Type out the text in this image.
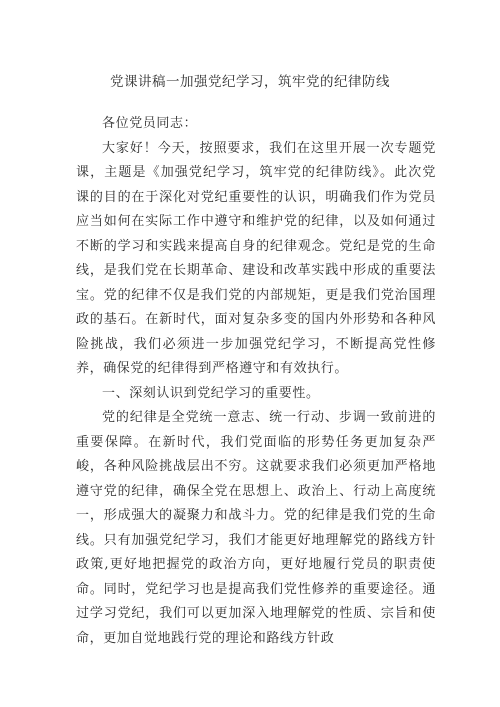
党课讲稿一加强党纪学习，筑牢党的纪律防线

各位党员同志：

大家好！今天，按照要求，我们在这里开展一次专题党课，主题是《加强党纪学习，筑牢党的纪律防线》。此次党课的目的在于深化对党纪重要性的认识，明确我们作为党员应当如何在实际工作中遵守和维护党的纪律，以及如何通过不断的学习和实践来提高自身的纪律观念。党纪是党的生命线，是我们党在长期革命、建设和改革实践中形成的重要法宝。党的纪律不仅是我们党的内部规矩，更是我们党治国理政的基石。在新时代，面对复杂多变的国内外形势和各种风险挑战，我们必须进一步加强党纪学习，不断提高党性修养，确保党的纪律得到严格遵守和有效执行。

一、深刻认识到党纪学习的重要性。

党的纪律是全党统一意志、统一行动、步调一致前进的重要保障。在新时代，我们党面临的形势任务更加复杂严峻，各种风险挑战层出不穷。这就要求我们必须更加严格地遵守党的纪律，确保全党在思想上、政治上、行动上高度统一，形成强大的凝聚力和战斗力。党的纪律是我们党的生命线。只有加强党纪学习，我们才能更好地理解党的路线方针政策,更好地把握党的政治方向，更好地履行党员的职责使命。同时，党纪学习也是提高我们党性修养的重要途径。通过学习党纪，我们可以更加深入地理解党的性质、宗旨和使命，更加自觉地践行党的理论和路线方针政
